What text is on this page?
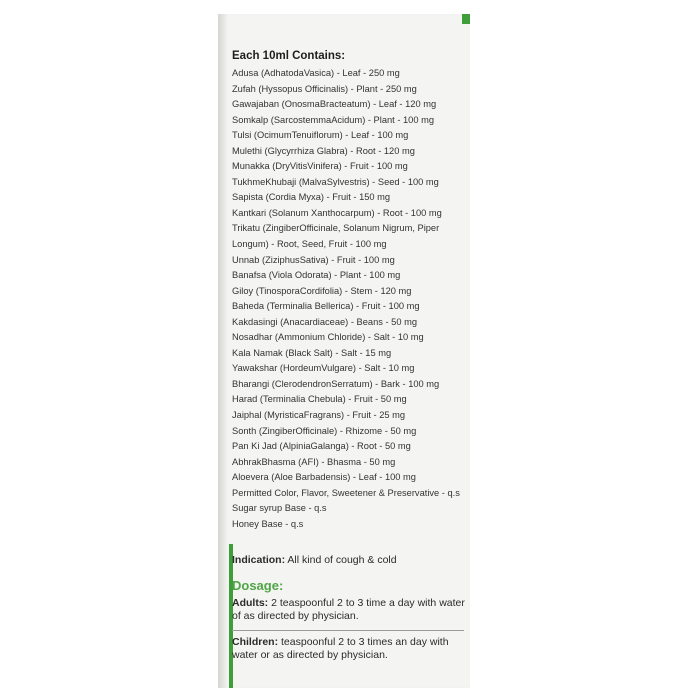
Each 10ml Contains:
Adusa (AdhatodaVasica) - Leaf - 250 mg
Zufah (Hyssopus Officinalis) - Plant - 250 mg
Gawajaban (OnosmaBracteatum) - Leaf - 120 mg
Somkalp (SarcostemmaAcidum) - Plant - 100 mg
Tulsi (OcimumTenuiflorum) - Leaf - 100 mg
Mulethi (Glycyrrhiza Glabra) - Root - 120 mg
Munakka (DryVitisVinifera) - Fruit - 100 mg
TukhmeKhubaji (MalvaSylvestris) - Seed - 100 mg
Sapista (Cordia Myxa) - Fruit - 150 mg
Kantkari (Solanum Xanthocarpum) - Root - 100 mg
Trikatu (ZingiberOfficinale, Solanum Nigrum, Piper Longum) - Root, Seed, Fruit - 100 mg
Unnab (ZiziphusSativa) - Fruit - 100 mg
Banafsa (Viola Odorata) - Plant - 100 mg
Giloy (TinosporaCordifolia) - Stem - 120 mg
Baheda (Terminalia Bellerica) - Fruit - 100 mg
Kakdasingi (Anacardiaceae) - Beans - 50 mg
Nosadhar (Ammonium Chloride) - Salt - 10 mg
Kala Namak (Black Salt) - Salt - 15 mg
Yawakshar (HordeumVulgare) - Salt - 10 mg
Bharangi (ClerodendronSerratum) - Bark - 100 mg
Harad (Terminalia Chebula) - Fruit - 50 mg
Jaiphal (MyristicaFragrans) - Fruit - 25 mg
Sonth (ZingiberOfficinale) - Rhizome - 50 mg
Pan Ki Jad (AlpiniaGalanga) - Root - 50 mg
AbhrakBhasma (AFI) - Bhasma - 50 mg
Aloevera (Aloe Barbadensis) - Leaf - 100 mg
Permitted Color, Flavor, Sweetener & Preservative - q.s
Sugar syrup Base - q.s
Honey Base - q.s
Indication: All kind of cough & cold
Dosage:
Adults: 2 teaspoonful 2 to 3 time a day with water of as directed by physician.
Children: teaspoonful 2 to 3 times an day with water or as directed by physician.
